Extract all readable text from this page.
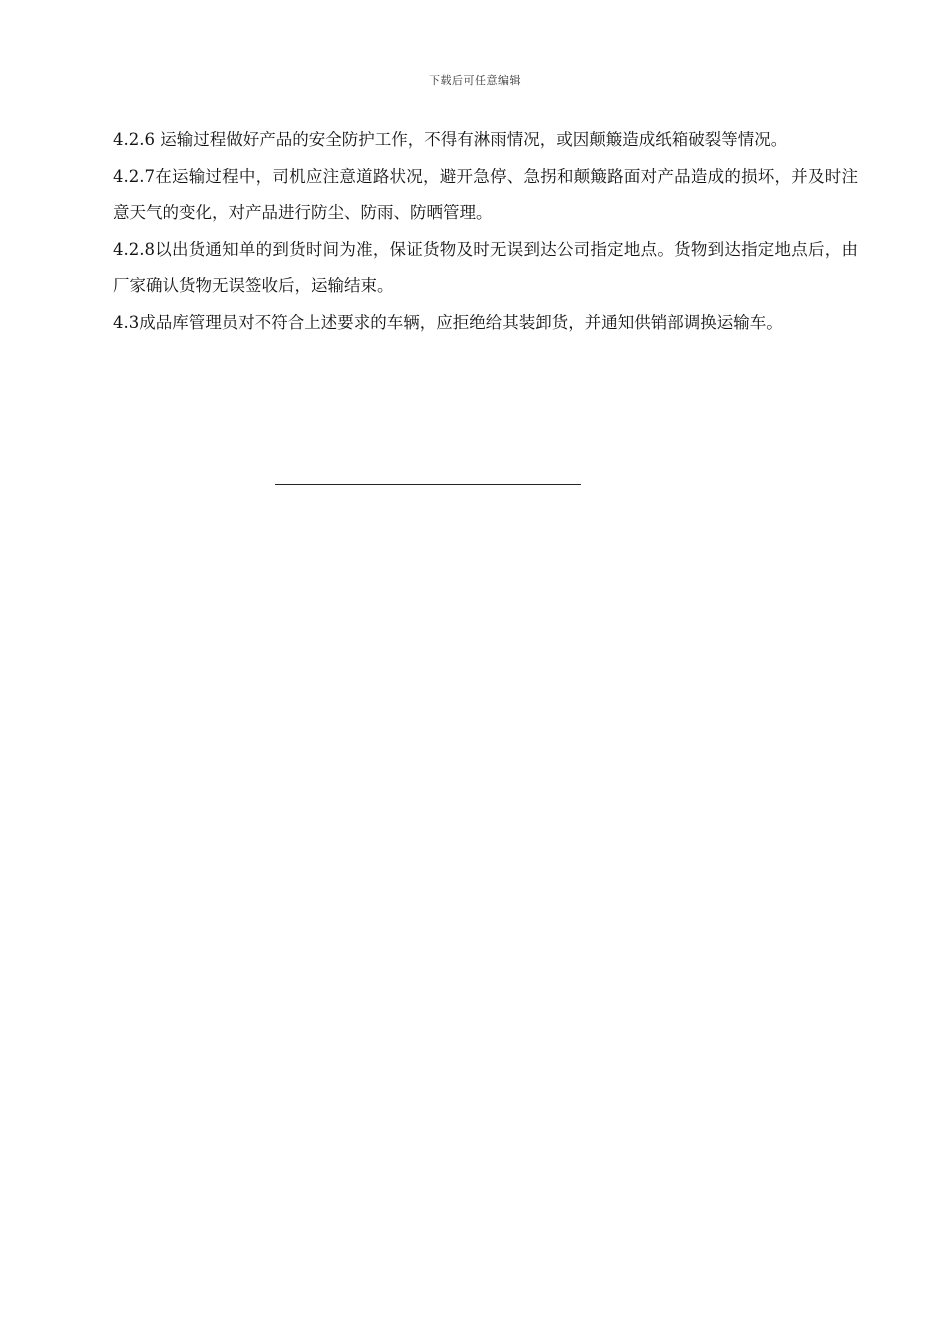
下载后可任意编辑

4.2.6 运输过程做好产品的安全防护工作，不得有淋雨情况，或因颠簸造成纸箱破裂等情况。

4.2.7在运输过程中，司机应注意道路状况，避开急停、急拐和颠簸路面对产品造成的损坏，并及时注意天气的变化，对产品进行防尘、防雨、防晒管理。

4.2.8以出货通知单的到货时间为准，保证货物及时无误到达公司指定地点。货物到达指定地点后，由厂家确认货物无误签收后，运输结束。

4.3成品库管理员对不符合上述要求的车辆，应拒绝给其装卸货，并通知供销部调换运输车。
